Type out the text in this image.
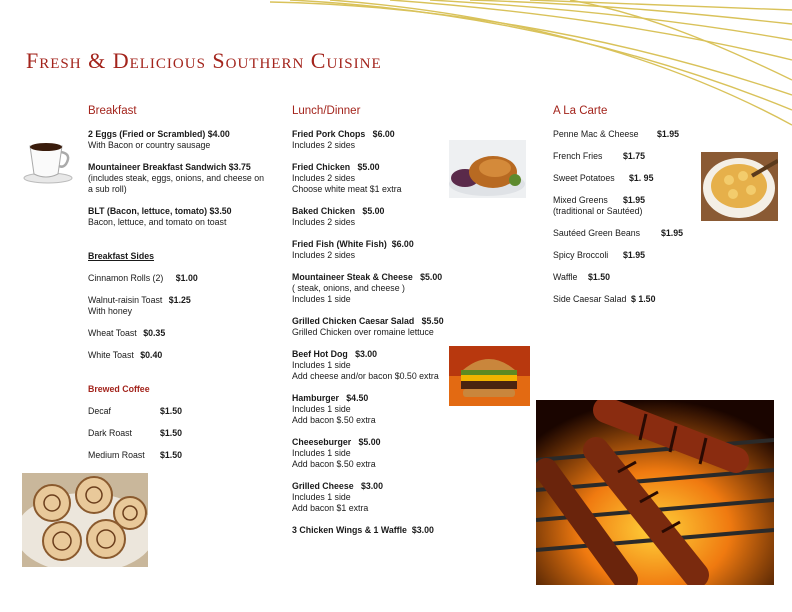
Fresh & Delicious Southern Cuisine
Breakfast
2 Eggs (Fried or Scrambled) $4.00
With Bacon or country sausage
Mountaineer Breakfast Sandwich $3.75
(includes steak, eggs, onions, and cheese on
a sub roll)
BLT (Bacon, lettuce, tomato) $3.50
Bacon, lettuce, and tomato on toast
Breakfast Sides
Cinnamon Rolls (2) $1.00
Walnut-raisin Toast $1.25
With honey
Wheat Toast $0.35
White Toast $0.40
Brewed Coffee
Decaf	$1.50
Dark Roast	$1.50
Medium Roast $1.50
Lunch/Dinner
Fried Pork Chops $6.00
Includes 2 sides
Fried Chicken $5.00
Includes 2 sides
Choose white meat $1 extra
Baked Chicken $5.00
Includes 2 sides
Fried Fish (White Fish) $6.00
Includes 2 sides
Mountaineer Steak & Cheese $5.00
( steak, onions, and cheese )
Includes 1 side
Grilled Chicken Caesar Salad $5.50
Grilled Chicken over romaine lettuce
Beef Hot Dog $3.00
Includes 1 side
Add cheese and/or bacon $0.50 extra
Hamburger $4.50
Includes 1 side
Add bacon $.50 extra
Cheeseburger $5.00
Includes 1 side
Add bacon $.50 extra
Grilled Cheese $3.00
Includes 1 side
Add bacon $1 extra
3 Chicken Wings & 1 Waffle $3.00
A La Carte
Penne Mac & Cheese $1.95
French Fries $1.75
Sweet Potatoes $1. 95
Mixed Greens $1.95
(traditional or Sautéed)
Sautéed Green Beans $1.95
Spicy Broccoli $1.95
Waffle $1.50
Side Caesar Salad $ 1.50
